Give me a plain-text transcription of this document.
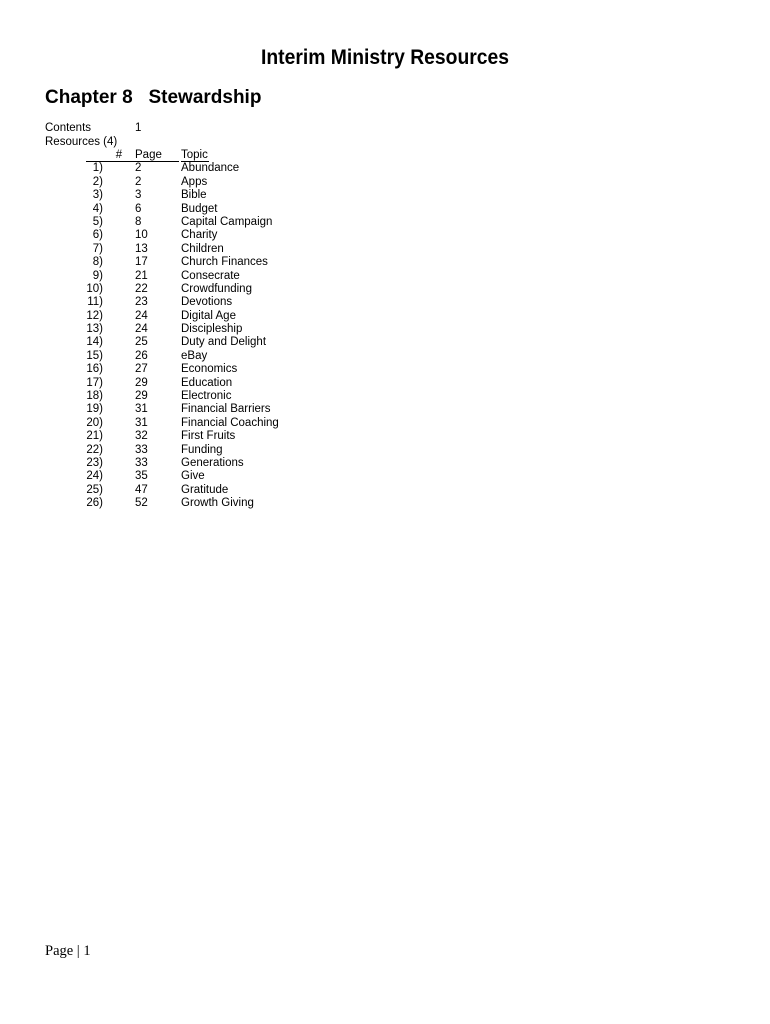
Interim Ministry Resources
Chapter 8   Stewardship
Contents	1
Resources (4)
#	Page	Topic
1)	2	Abundance
2)	2	Apps
3)	3	Bible
4)	6	Budget
5)	8	Capital Campaign
6)	10	Charity
7)	13	Children
8)	17	Church Finances
9)	21	Consecrate
10)	22	Crowdfunding
11)	23	Devotions
12)	24	Digital Age
13)	24	Discipleship
14)	25	Duty and Delight
15)	26	eBay
16)	27	Economics
17)	29	Education
18)	29	Electronic
19)	31	Financial Barriers
20)	31	Financial Coaching
21)	32	First Fruits
22)	33	Funding
23)	33	Generations
24)	35	Give
25)	47	Gratitude
26)	52	Growth Giving
Page | 1
